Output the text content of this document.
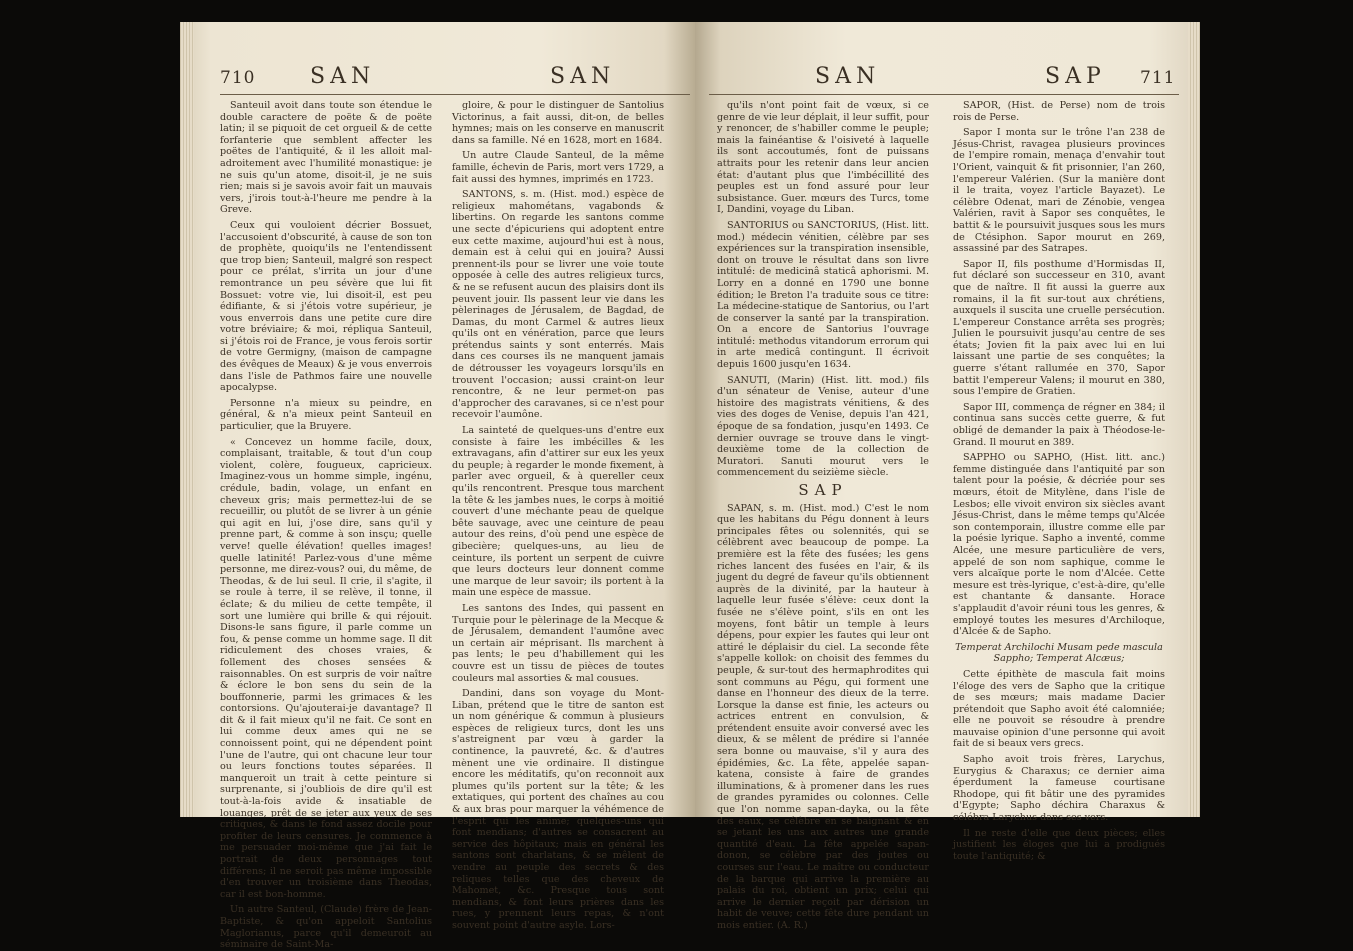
710 SAN	SAN

Santeuil avoit dans toute son étendue le double caractere de poëte & de poëte latin; il se piquoit de cet orgueil & de cette forfanterie que semblent affecter les poëtes de l'antiquité, & il les alloit mal-adroitement avec l'humilité monastique: je ne suis qu'un atome, disoit-il, je ne suis rien; mais si je savois avoir fait un mauvais vers, j'irois tout-à-l'heure me pendre à la Greve.

Ceux qui vouloient décrier Bossuet, l'accusoient d'obscurité, à cause de son ton de prophète, quoiqu'ils ne l'entendissent que trop bien; Santeuil, malgré son respect pour ce prélat, s'irrita un jour d'une remontrance un peu sévère que lui fit Bossuet: votre vie, lui disoit-il, est peu édifiante, & si j'étois votre supérieur, je vous enverrois dans une petite cure dire votre bréviaire; & moi, répliqua Santeuil, si j'étois roi de France, je vous ferois sortir de votre Germigny, (maison de campagne des évêques de Meaux) & je vous enverrois dans l'isle de Pathmos faire une nouvelle apocalypse.

Personne n'a mieux su peindre, en général, & n'a mieux peint Santeuil en particulier, que la Bruyere.

« Concevez un homme facile, doux, complaisant, traitable, & tout d'un coup violent, colère, fougueux, capricieux. Imaginez-vous un homme simple, ingénu, crédule, badin, volage, un enfant en cheveux gris; mais permettez-lui de se recueillir, ou plutôt de se livrer à un génie qui agit en lui, j'ose dire, sans qu'il y prenne part, & comme à son insçu; quelle verve! quelle élévation! quelles images! quelle latinité! Parlez-vous d'une même personne, me direz-vous? oui, du même, de Theodas, & de lui seul. Il crie, il s'agite, il se roule à terre, il se relève, il tonne, il éclate; & du milieu de cette tempête, il sort une lumière qui brille & qui réjouit. Disons-le sans figure, il parle comme un fou, & pense comme un homme sage. Il dit ridiculement des choses vraies, & follement des choses sensées & raisonnables. On est surpris de voir naître & éclore le bon sens du sein de la bouffonnerie, parmi les grimaces & les contorsions. Qu'ajouterai-je davantage? Il dit & il fait mieux qu'il ne fait. Ce sont en lui comme deux ames qui ne se connoissent point, qui ne dépendent point l'une de l'autre, qui ont chacune leur tour ou leurs fonctions toutes séparées. Il manqueroit un trait à cette peinture si surprenante, si j'oubliois de dire qu'il est tout-à-la-fois avide & insatiable de louanges, prêt de se jeter aux yeux de ses critiques, & dans le fond assez docile pour profiter de leurs censures. Je commence à me persuader moi-même que j'ai fait le portrait de deux personnages tout différens; il ne seroit pas même impossible d'en trouver un troisième dans Theodas, car il est bon-homme.

Un autre Santeul, (Claude) frère de Jean-Baptiste, & qu'on appeloit Santolius Maglorianus, parce qu'il demeuroit au séminaire de Saint-Ma-

gloire, & pour le distinguer de Santolius Victorinus, a fait aussi, dit-on, de belles hymnes; mais on les conserve en manuscrit dans sa famille. Né en 1628, mort en 1684.

Un autre Claude Santeul, de la même famille, échevin de Paris, mort vers 1729, a fait aussi des hymnes, imprimés en 1723.

SANTONS, s. m. (Hist. mod.) espèce de religieux mahométans, vagabonds & libertins. On regarde les santons comme une secte d'épicuriens qui adoptent entre eux cette maxime, aujourd'hui est à nous, demain est à celui qui en jouira? Aussi prennent-ils pour se livrer une voie toute opposée à celle des autres religieux turcs, & ne se refusent aucun des plaisirs dont ils peuvent jouir. Ils passent leur vie dans les pèlerinages de Jérusalem, de Bagdad, de Damas, du mont Carmel & autres lieux qu'ils ont en vénération, parce que leurs prétendus saints y sont enterrés. Mais dans ces courses ils ne manquent jamais de détrousser les voyageurs lorsqu'ils en trouvent l'occasion; aussi craint-on leur rencontre, & ne leur permet-on pas d'approcher des caravanes, si ce n'est pour recevoir l'aumône.

La sainteté de quelques-uns d'entre eux consiste à faire les imbécilles & les extravagans, afin d'attirer sur eux les yeux du peuple; à regarder le monde fixement, à parler avec orgueil, & à quereller ceux qu'ils rencontrent. Presque tous marchent la tête & les jambes nues, le corps à moitié couvert d'une méchante peau de quelque bête sauvage, avec une ceinture de peau autour des reins, d'où pend une espèce de gibecière; quelques-uns, au lieu de ceinture, ils portent un serpent de cuivre que leurs docteurs leur donnent comme une marque de leur savoir; ils portent à la main une espèce de massue.

Les santons des Indes, qui passent en Turquie pour le pèlerinage de la Mecque & de Jérusalem, demandent l'aumône avec un certain air méprisant. Ils marchent à pas lents; le peu d'habillement qui les couvre est un tissu de pièces de toutes couleurs mal assorties & mal cousues.

Dandini, dans son voyage du Mont-Liban, prétend que le titre de santon est un nom générique & commun à plusieurs espèces de religieux turcs, dont les uns s'astreignent par vœu à garder la continence, la pauvreté, &c. & d'autres mènent une vie ordinaire. Il distingue encore les méditatifs, qu'on reconnoit aux plumes qu'ils portent sur la tête; & les extatiques, qui portent des chaînes au cou & aux bras pour marquer la véhémence de l'esprit qui les anime; quelques-uns qui font mendians; d'autres se consacrent au service des hôpitaux; mais en général les santons sont charlatans, & se mêlent de vendre au peuple des secrets & des reliques telles que des cheveux de Mahomet, &c. Presque tous sont mendians, & font leurs prières dans les rues, y prennent leurs repas, & n'ont souvent point d'autre asyle. Lors-

SAN	SAP 711

qu'ils n'ont point fait de vœux, si ce genre de vie leur déplait, il leur suffit, pour y renoncer, de s'habiller comme le peuple; mais la fainéantise & l'oisiveté à laquelle ils sont accoutumés, font de puissans attraits pour les retenir dans leur ancien état: d'autant plus que l'imbécillité des peuples est un fond assuré pour leur subsistance. Guer. mœurs des Turcs, tome I, Dandini, voyage du Liban.

SANTORIUS ou SANCTORIUS, (Hist. litt. mod.) médecin vénitien, célèbre par ses expériences sur la transpiration insensible, dont on trouve le résultat dans son livre intitulé: de medicinâ staticâ aphorismi. M. Lorry en a donné en 1790 une bonne édition; le Breton l'a traduite sous ce titre: La médecine-statique de Santorius, ou l'art de conserver la santé par la transpiration. On a encore de Santorius l'ouvrage intitulé: methodus vitandorum errorum qui in arte medicâ contingunt. Il écrivoit depuis 1600 jusqu'en 1634.

SANUTI, (Marin) (Hist. litt. mod.) fils d'un sénateur de Venise, auteur d'une histoire des magistrats vénitiens, & des vies des doges de Venise, depuis l'an 421, époque de sa fondation, jusqu'en 1493. Ce dernier ouvrage se trouve dans le vingt-deuxième tome de la collection de Muratori. Sanuti mourut vers le commencement du seizième siècle.

SAP

SAPAN, s. m. (Hist. mod.) C'est le nom que les habitans du Pégu donnent à leurs principales fêtes ou solennités, qui se célèbrent avec beaucoup de pompe. La première est la fête des fusées; les gens riches lancent des fusées en l'air, & ils jugent du degré de faveur qu'ils obtiennent auprès de la divinité, par la hauteur à laquelle leur fusée s'élève: ceux dont la fusée ne s'élève point, s'ils en ont les moyens, font bâtir un temple à leurs dépens, pour expier les fautes qui leur ont attiré le déplaisir du ciel. La seconde fête s'appelle kollok: on choisit des femmes du peuple, & sur-tout des hermaphrodites qui sont communs au Pégu, qui forment une danse en l'honneur des dieux de la terre. Lorsque la danse est finie, les acteurs ou actrices entrent en convulsion, & prétendent ensuite avoir conversé avec les dieux, & se mêlent de prédire si l'année sera bonne ou mauvaise, s'il y aura des épidémies, &c. La fête, appelée sapan-katena, consiste à faire de grandes illuminations, & à promener dans les rues de grandes pyramides ou colonnes. Celle que l'on nomme sapan-dayka, ou la fête des eaux, se célèbre en se baignant & en se jetant les uns aux autres une grande quantité d'eau. La fête appelée sapan-donon, se célèbre par des joutes ou courses sur l'eau. Le maître ou conducteur de la barque qui arrive la première au palais du roi, obtient un prix; celui qui arrive le dernier reçoit par dérision un habit de veuve; cette fête dure pendant un mois entier. (A. R.)

SAPOR, (Hist. de Perse) nom de trois rois de Perse.

Sapor I monta sur le trône l'an 238 de Jésus-Christ, ravagea plusieurs provinces de l'empire romain, menaça d'envahir tout l'Orient, vainquit & fit prisonnier, l'an 260, l'empereur Valérien. (Sur la manière dont il le traita, voyez l'article Bayazet). Le célèbre Odenat, mari de Zénobie, vengea Valérien, ravit à Sapor ses conquêtes, le battit & le poursuivit jusques sous les murs de Ctésiphon. Sapor mourut en 269, assassiné par des Satrapes.

Sapor II, fils posthume d'Hormisdas II, fut déclaré son successeur en 310, avant que de naître. Il fit aussi la guerre aux romains, il la fit sur-tout aux chrétiens, auxquels il suscita une cruelle persécution. L'empereur Constance arrêta ses progrès; Julien le poursuivit jusqu'au centre de ses états; Jovien fit la paix avec lui en lui laissant une partie de ses conquêtes; la guerre s'étant rallumée en 370, Sapor battit l'empereur Valens; il mourut en 380, sous l'empire de Gratien.

Sapor III, commença de régner en 384; il continua sans succès cette guerre, & fut obligé de demander la paix à Théodose-le-Grand. Il mourut en 389.

SAPPHO ou SAPHO, (Hist. litt. anc.) femme distinguée dans l'antiquité par son talent pour la poésie, & décriée pour ses mœurs, étoit de Mitylène, dans l'isle de Lesbos; elle vivoit environ six siècles avant Jésus-Christ, dans le même temps qu'Alcée son contemporain, illustre comme elle par la poésie lyrique. Sapho a inventé, comme Alcée, une mesure particulière de vers, appelé de son nom saphique, comme le vers alcaïque porte le nom d'Alcée. Cette mesure est très-lyrique, c'est-à-dire, qu'elle est chantante & dansante. Horace s'applaudit d'avoir réuni tous les genres, & employé toutes les mesures d'Archiloque, d'Alcée & de Sapho.

Temperat Archilochi Musam pede mascula Sappho; Temperat Alcæus;

Cette épithète de mascula fait moins l'éloge des vers de Sapho que la critique de ses mœurs; mais madame Dacier prétendoit que Sapho avoit été calomniée; elle ne pouvoit se résoudre à prendre mauvaise opinion d'une personne qui avoit fait de si beaux vers grecs.

Sapho avoit trois frères, Larychus, Eurygius & Charaxus; ce dernier aima éperdument la fameuse courtisane Rhodope, qui fit bâtir une des pyramides d'Egypte; Sapho déchira Charaxus & célébra Larychus dans ses vers.

Il ne reste d'elle que deux pièces; elles justifient les éloges que lui a prodigués toute l'antiquité; &
